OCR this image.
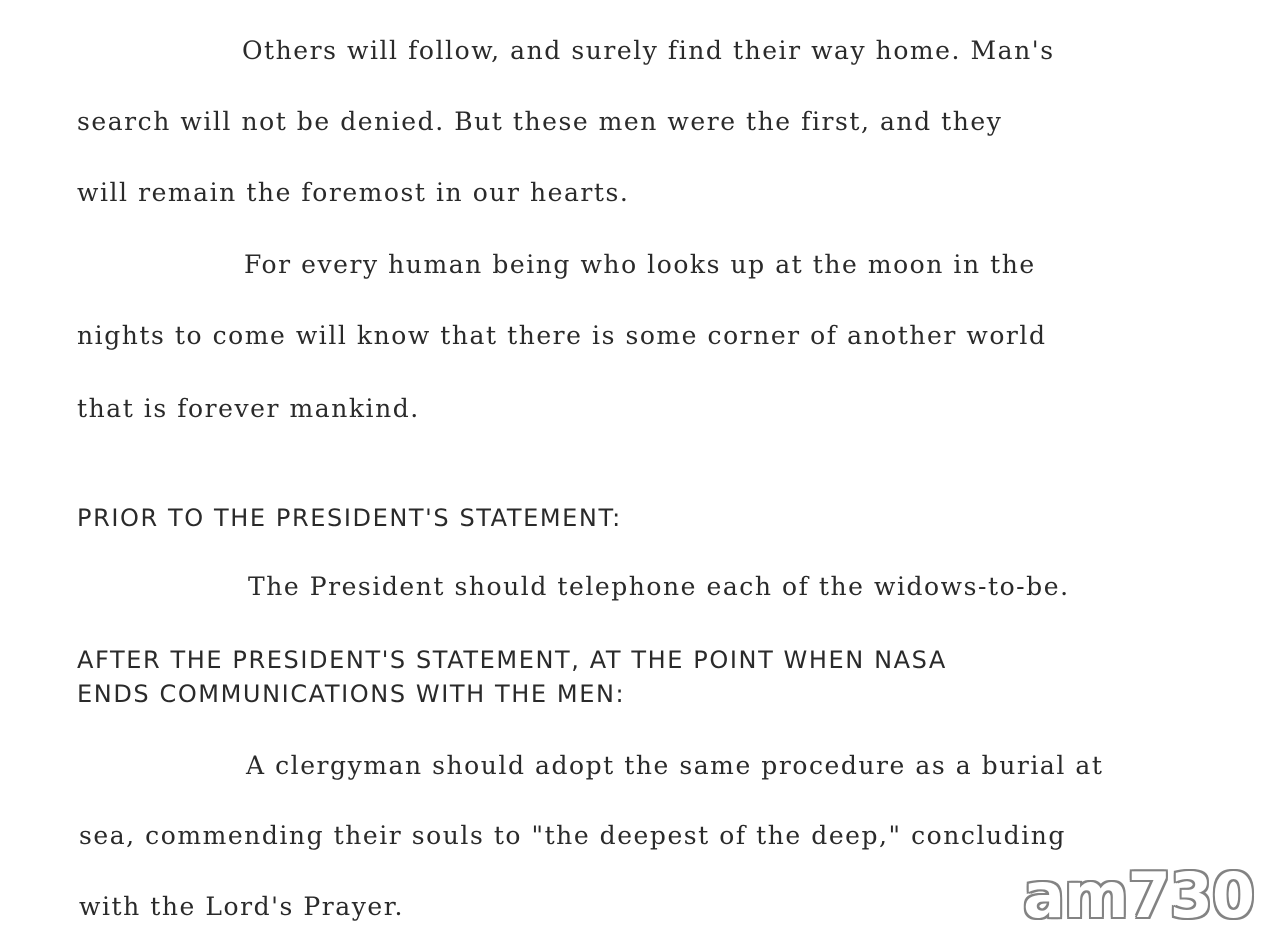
Others will follow, and surely find their way home. Man's
search will not be denied. But these men were the first, and they
will remain the foremost in our hearts.
For every human being who looks up at the moon in the
nights to come will know that there is some corner of another world
that is forever mankind.
PRIOR TO THE PRESIDENT'S STATEMENT:
The President should telephone each of the widows-to-be.
AFTER THE PRESIDENT'S STATEMENT, AT THE POINT WHEN NASA
ENDS COMMUNICATIONS WITH THE MEN:
A clergyman should adopt the same procedure as a burial at
sea, commending their souls to "the deepest of the deep," concluding
with the Lord's Prayer.	am730
